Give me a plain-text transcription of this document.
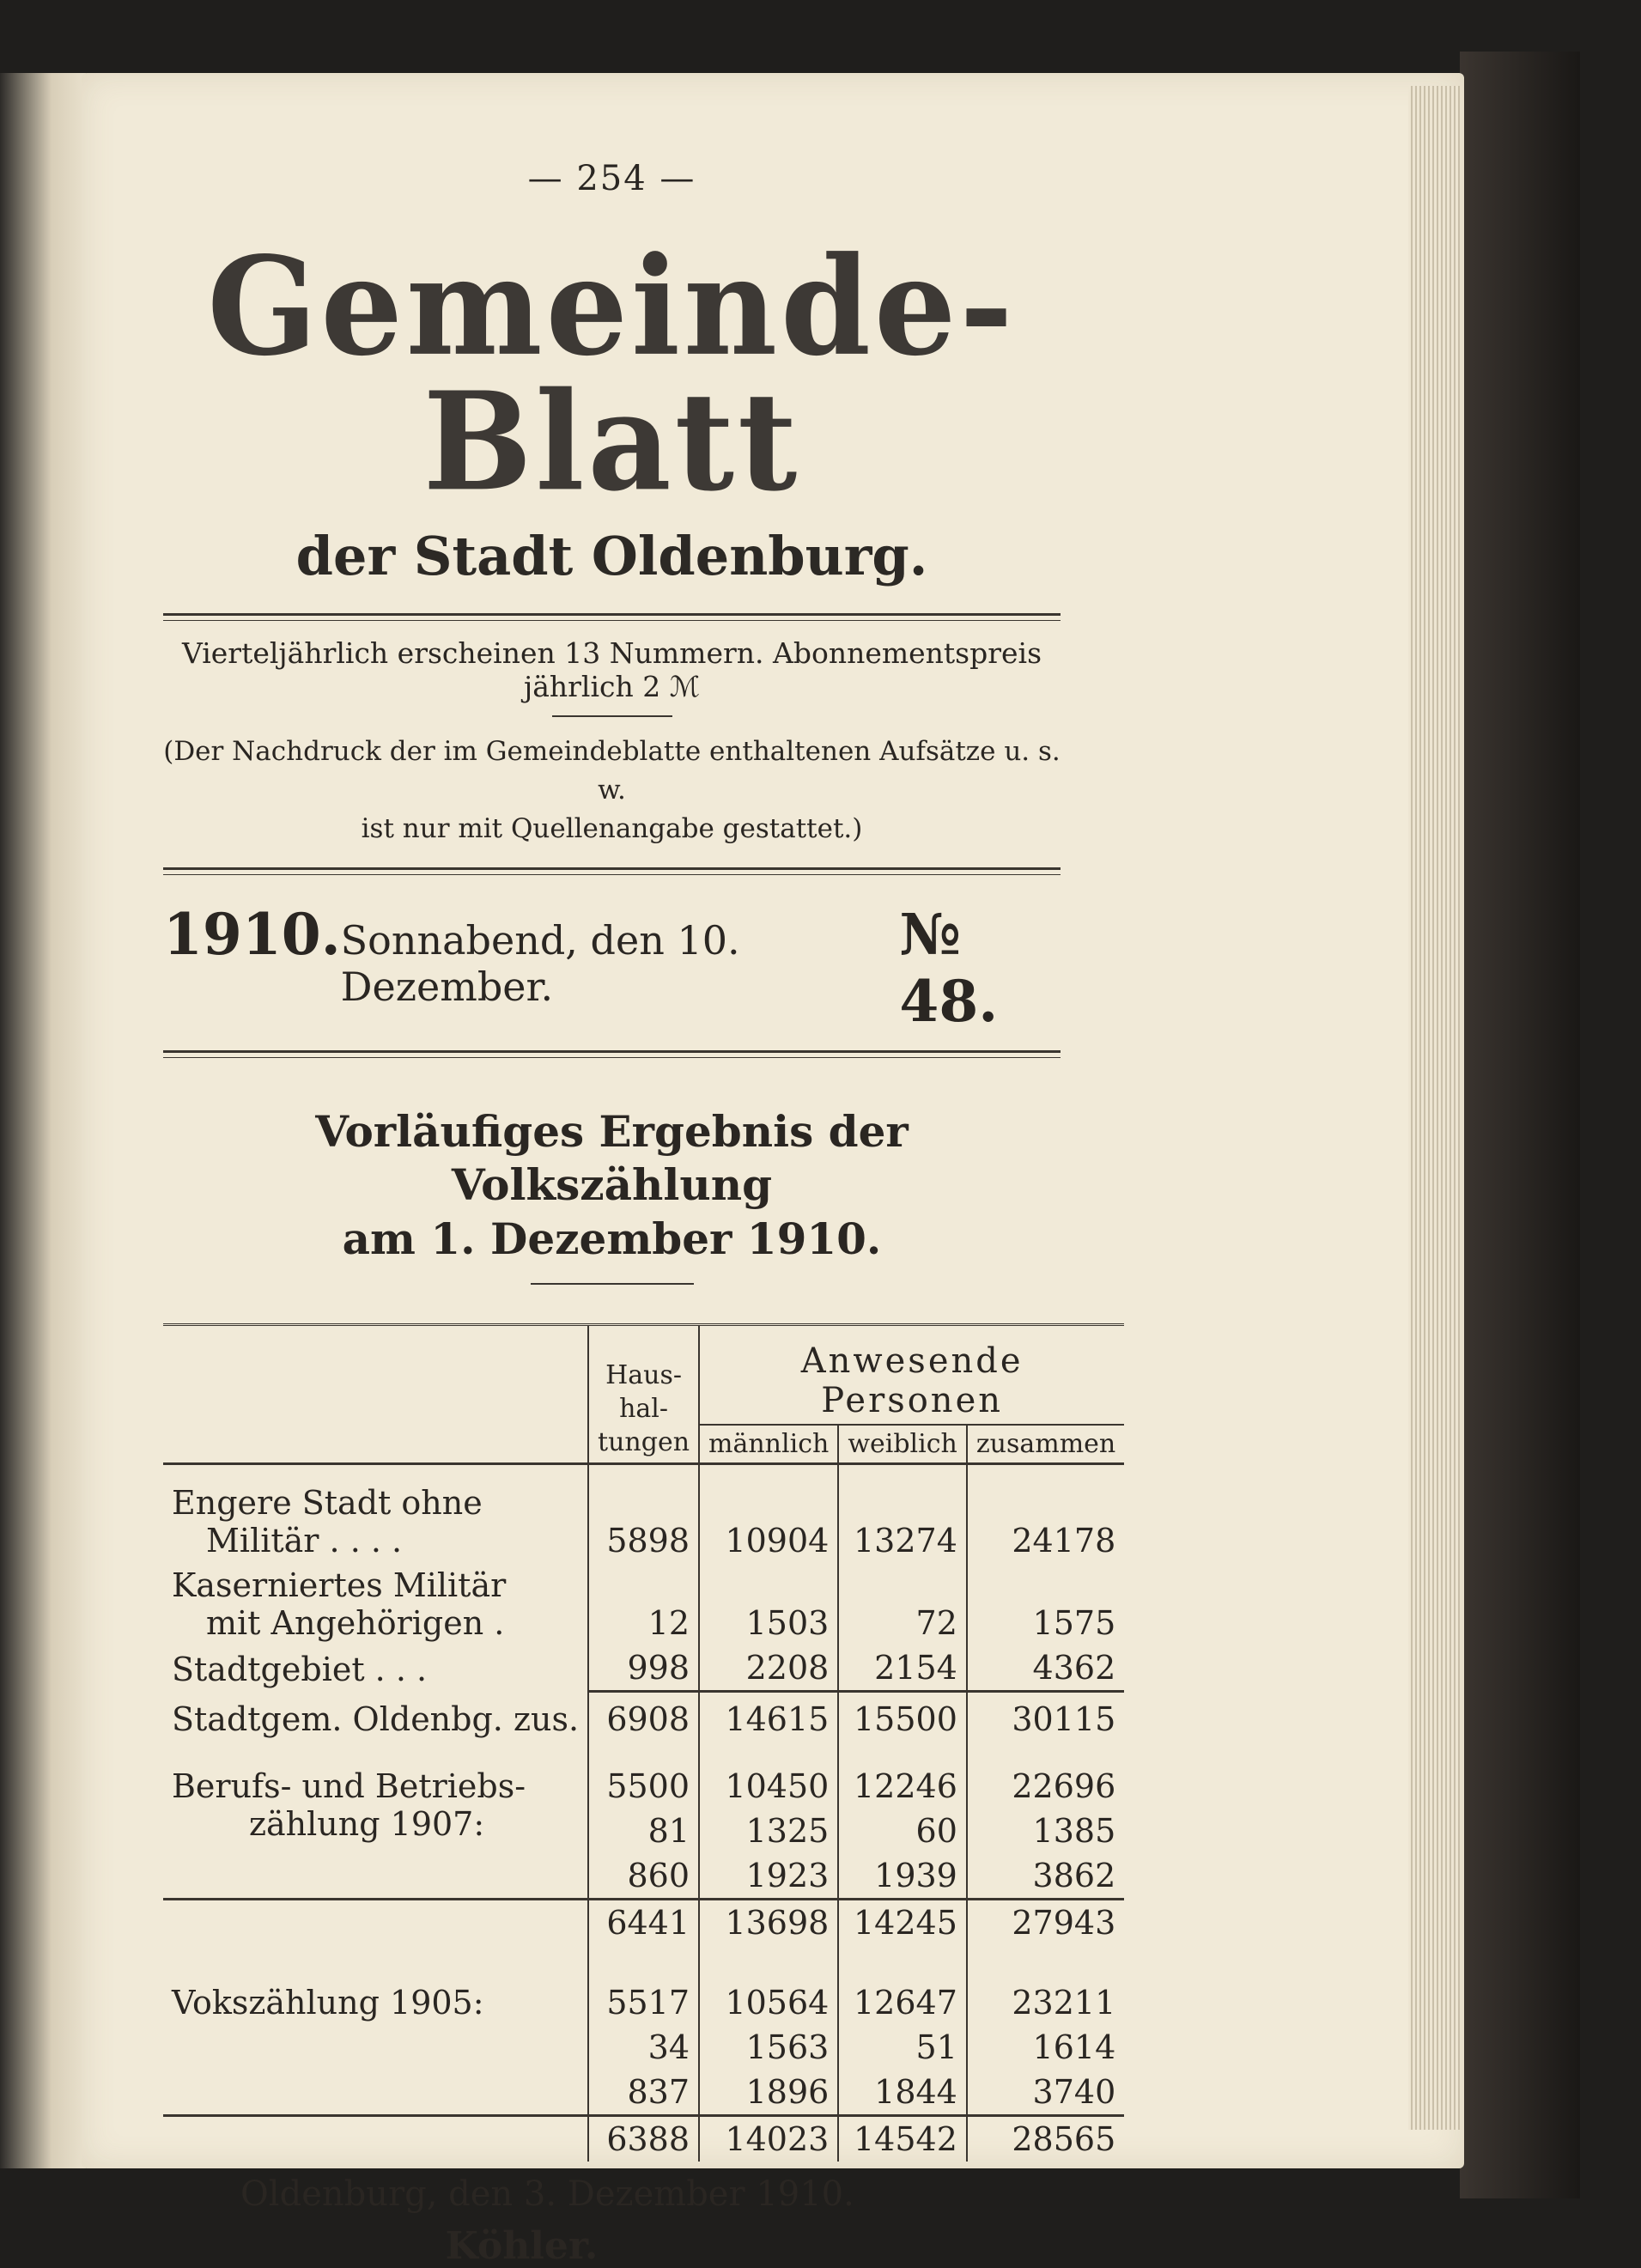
— 254 —
Gemeinde-Blatt
der Stadt Oldenburg.
Vierteljährlich erscheinen 13 Nummern. Abonnementspreis jährlich 2 ℳ
(Der Nachdruck der im Gemeindeblatte enthaltenen Aufsätze u. s. w.
ist nur mit Quellenangabe gestattet.)
1910. Sonnabend, den 10. Dezember.
№ 48.
Vorläufiges Ergebnis der Volkszählung
am 1. Dezember 1910.
	Haus-hal-tungen	Anwesende Personen		
		männlich	weiblich	zusammen

Engere Stadt ohne
Militär . . . .	5898	10904	13274	24178

Kaserniertes Militär
mit Angehörigen .	12	1503	72	1575
Stadtgebiet . . .	998	2208	2154	4362
Stadtgem. Oldenbg. zus.	6908	14615	15500	30115

Berufs- und Betriebs-
zählung 1907:	5500	10450	12246	22696
	81	1325	60	1385
	860	1923	1939	3862
	6441	13698	14245	27943
Vokszählung 1905:	5517	10564	12647	23211
	34	1563	51	1614
	837	1896	1844	3740
	6388	14023	14542	28565
Oldenburg, den 3. Dezember 1910.
Köhler.
